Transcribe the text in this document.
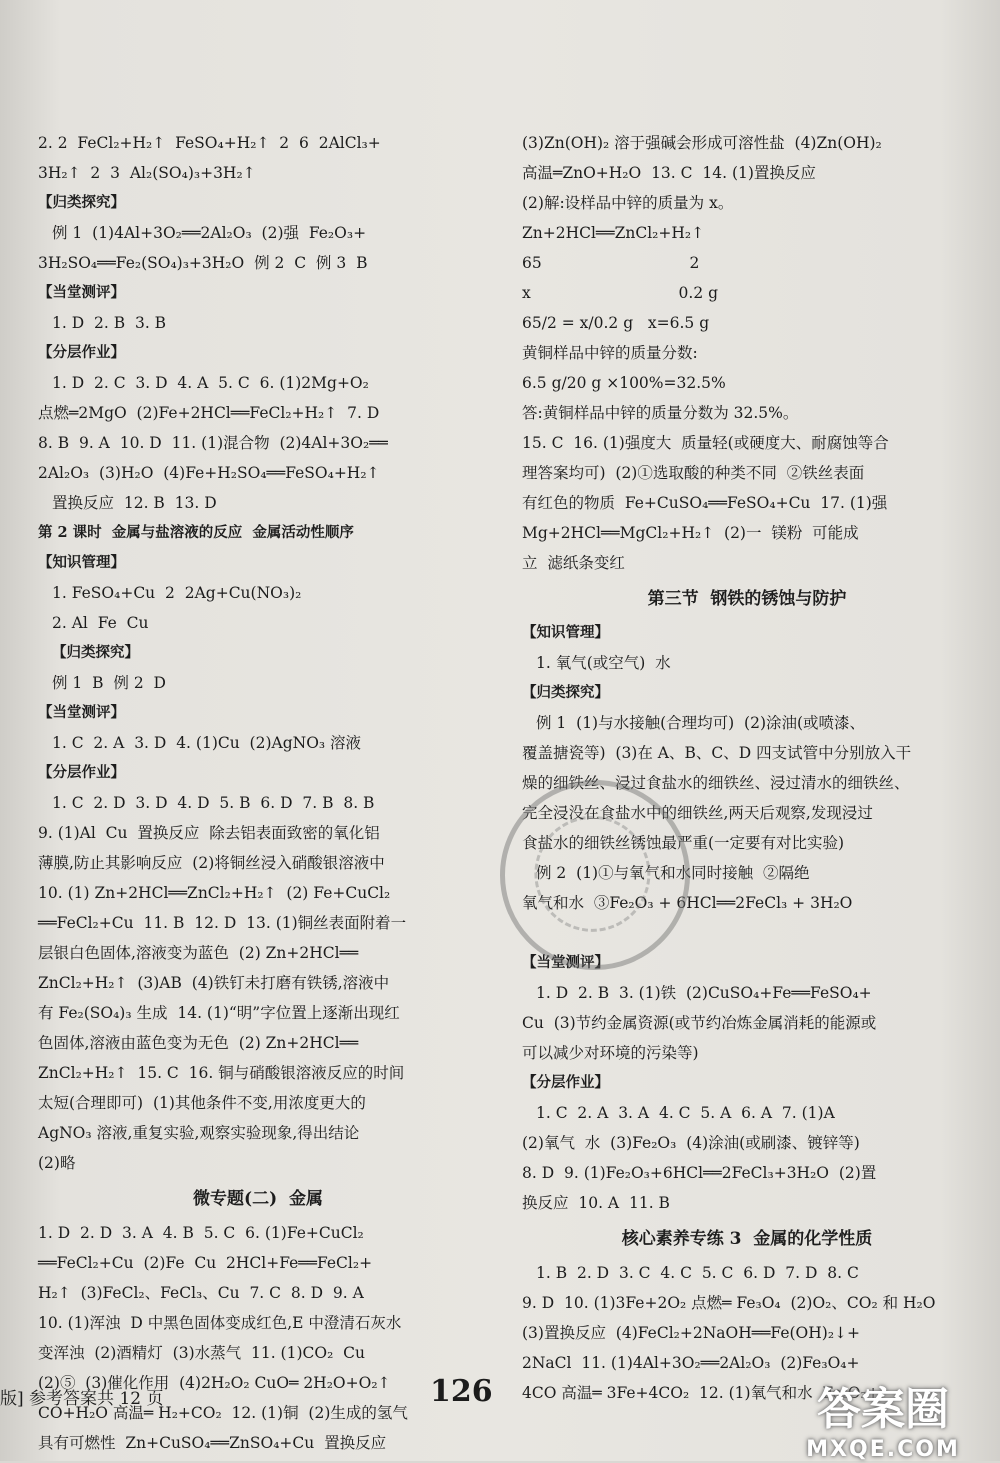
2. 2  FeCl₂+H₂↑  FeSO₄+H₂↑  2  6  2AlCl₃+
3H₂↑  2  3  Al₂(SO₄)₃+3H₂↑
【归类探究】
例 1  (1)4Al+3O₂══2Al₂O₃  (2)强  Fe₂O₃+
3H₂SO₄══Fe₂(SO₄)₃+3H₂O  例 2  C  例 3  B
【当堂测评】
1. D  2. B  3. B
【分层作业】
1. D  2. C  3. D  4. A  5. C  6. (1)2Mg+O₂
点燃═2MgO  (2)Fe+2HCl══FeCl₂+H₂↑  7. D
8. B  9. A  10. D  11. (1)混合物  (2)4Al+3O₂══
2Al₂O₃  (3)H₂O  (4)Fe+H₂SO₄══FeSO₄+H₂↑
置换反应  12. B  13. D
第 2 课时  金属与盐溶液的反应  金属活动性顺序
【知识管理】
1. FeSO₄+Cu  2  2Ag+Cu(NO₃)₂
2. Al  Fe  Cu
【归类探究】
例 1  B  例 2  D
【当堂测评】
1. C  2. A  3. D  4. (1)Cu  (2)AgNO₃ 溶液
【分层作业】
1. C  2. D  3. D  4. D  5. B  6. D  7. B  8. B
9. (1)Al  Cu  置换反应  除去铝表面致密的氧化铝
薄膜,防止其影响反应  (2)将铜丝浸入硝酸银溶液中
10. (1) Zn+2HCl══ZnCl₂+H₂↑  (2) Fe+CuCl₂
══FeCl₂+Cu  11. B  12. D  13. (1)铜丝表面附着一
层银白色固体,溶液变为蓝色  (2) Zn+2HCl══
ZnCl₂+H₂↑  (3)AB  (4)铁钉未打磨有铁锈,溶液中
有 Fe₂(SO₄)₃ 生成  14. (1)“明”字位置上逐渐出现红
色固体,溶液由蓝色变为无色  (2) Zn+2HCl══
ZnCl₂+H₂↑  15. C  16. 铜与硝酸银溶液反应的时间
太短(合理即可)  (1)其他条件不变,用浓度更大的
AgNO₃ 溶液,重复实验,观察实验现象,得出结论
(2)略
微专题(二)  金属
1. D  2. D  3. A  4. B  5. C  6. (1)Fe+CuCl₂
══FeCl₂+Cu  (2)Fe  Cu  2HCl+Fe══FeCl₂+
H₂↑  (3)FeCl₂、FeCl₃、Cu  7. C  8. D  9. A
10. (1)浑浊  D 中黑色固体变成红色,E 中澄清石灰水
变浑浊  (2)酒精灯  (3)水蒸气  11. (1)CO₂  Cu
(2)⑤  (3)催化作用  (4)2H₂O₂ CuO═ 2H₂O+O₂↑
CO+H₂O 高温═ H₂+CO₂  12. (1)铜  (2)生成的氢气
具有可燃性  Zn+CuSO₄══ZnSO₄+Cu  置换反应
(3)Zn(OH)₂ 溶于强碱会形成可溶性盐  (4)Zn(OH)₂
高温═ZnO+H₂O  13. C  14. (1)置换反应
(2)解:设样品中锌的质量为 x。
Zn+2HCl══ZnCl₂+H₂↑
65                              2
x                              0.2 g
65/2 = x/0.2 g   x=6.5 g
黄铜样品中锌的质量分数:
6.5 g/20 g ×100%=32.5%
答:黄铜样品中锌的质量分数为 32.5%。
15. C  16. (1)强度大  质量轻(或硬度大、耐腐蚀等合
理答案均可)  (2)①选取酸的种类不同  ②铁丝表面
有红色的物质  Fe+CuSO₄══FeSO₄+Cu  17. (1)强
Mg+2HCl══MgCl₂+H₂↑  (2)一  镁粉  可能成
立  滤纸条变红
第三节  钢铁的锈蚀与防护
【知识管理】
1. 氧气(或空气)  水
【归类探究】
例 1  (1)与水接触(合理均可)  (2)涂油(或喷漆、
覆盖搪瓷等)  (3)在 A、B、C、D 四支试管中分别放入干
燥的细铁丝、浸过食盐水的细铁丝、浸过清水的细铁丝、
完全浸没在食盐水中的细铁丝,两天后观察,发现浸过
食盐水的细铁丝锈蚀最严重(一定要有对比实验)
例 2  (1)①与氧气和水同时接触  ②隔绝
氧气和水  ③Fe₂O₃ + 6HCl══2FeCl₃ + 3H₂O
【当堂测评】
1. D  2. B  3. (1)铁  (2)CuSO₄+Fe══FeSO₄+
Cu  (3)节约金属资源(或节约冶炼金属消耗的能源或
可以减少对环境的污染等)
【分层作业】
1. C  2. A  3. A  4. C  5. A  6. A  7. (1)A
(2)氧气  水  (3)Fe₂O₃  (4)涂油(或刷漆、镀锌等)
8. D  9. (1)Fe₂O₃+6HCl══2FeCl₃+3H₂O  (2)置
换反应  10. A  11. B
核心素养专练 3  金属的化学性质
1. B  2. D  3. C  4. C  5. C  6. D  7. D  8. C
9. D  10. (1)3Fe+2O₂ 点燃═ Fe₃O₄  (2)O₂、CO₂ 和 H₂O
(3)置换反应  (4)FeCl₂+2NaOH══Fe(OH)₂↓+
2NaCl  11. (1)4Al+3O₂══2Al₂O₃  (2)Fe₃O₄+
4CO 高温═ 3Fe+4CO₂  12. (1)氧气和水  Fe₂O₃+
版] 参考答案共 12 页	126	答案圈
MXQE.COM
